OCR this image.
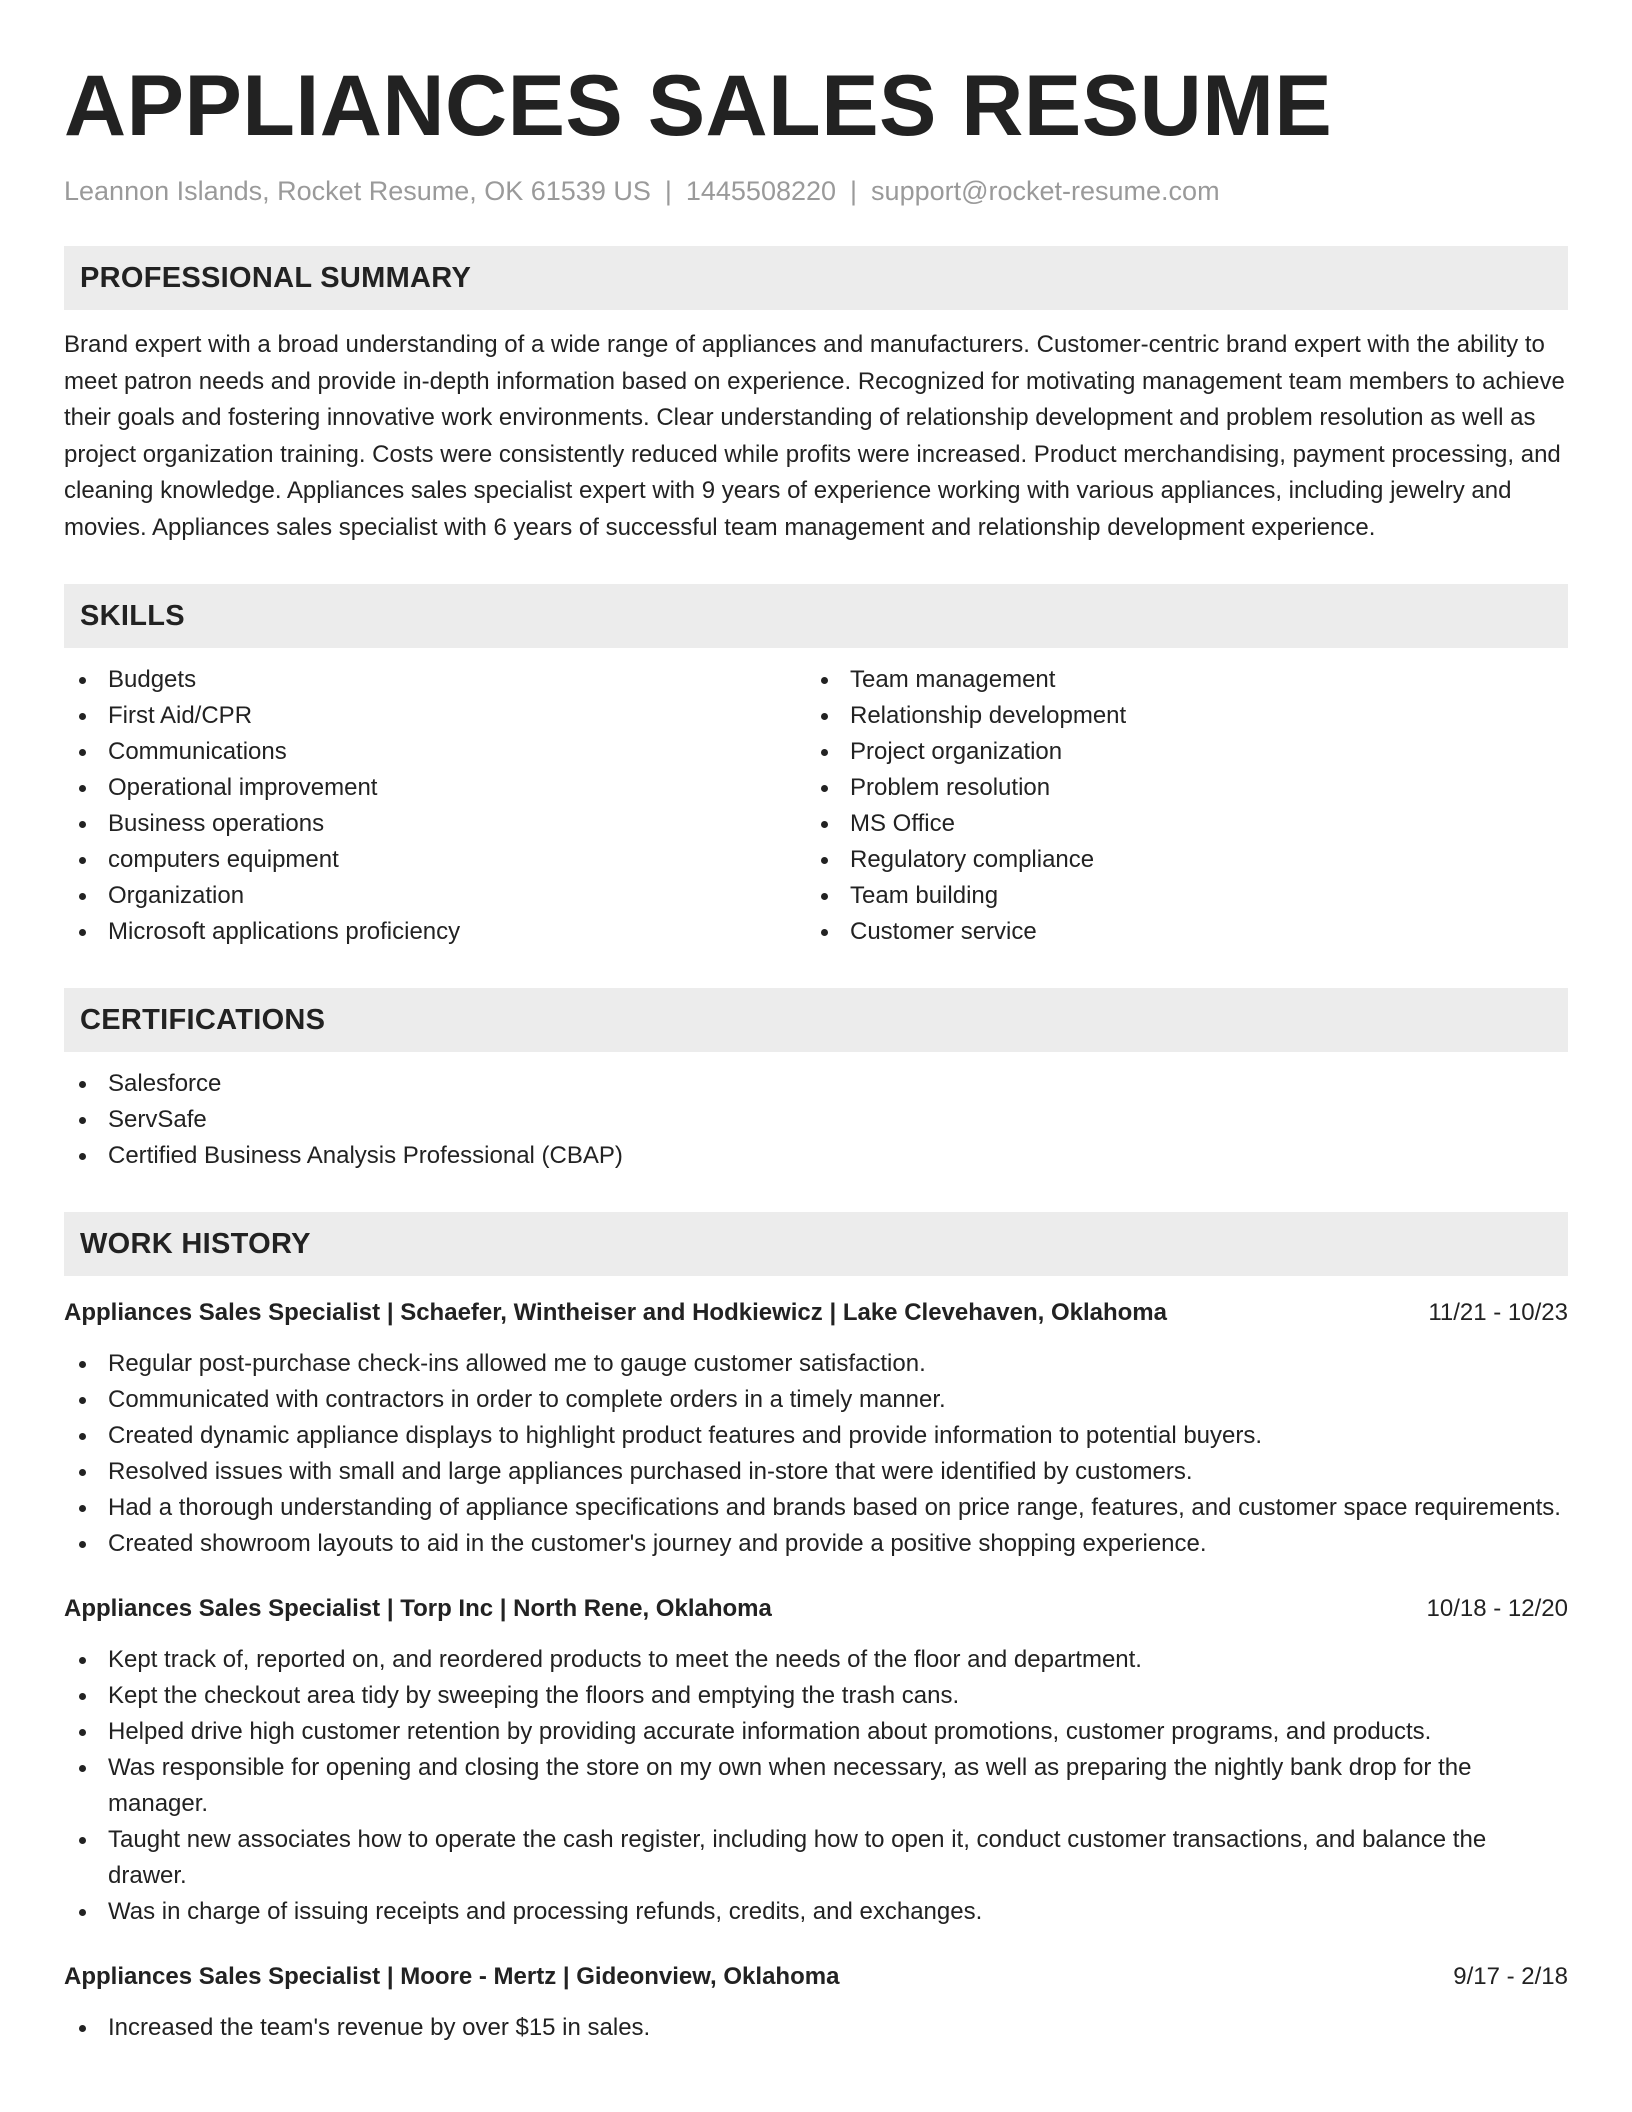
APPLIANCES SALES RESUME
Leannon Islands, Rocket Resume, OK 61539 US | 1445508220 | support@rocket-resume.com
PROFESSIONAL SUMMARY

Brand expert with a broad understanding of a wide range of appliances and manufacturers. Customer-centric brand expert with the ability to meet patron needs and provide in-depth information based on experience. Recognized for motivating management team members to achieve their goals and fostering innovative work environments. Clear understanding of relationship development and problem resolution as well as project organization training. Costs were consistently reduced while profits were increased. Product merchandising, payment processing, and cleaning knowledge. Appliances sales specialist expert with 9 years of experience working with various appliances, including jewelry and movies. Appliances sales specialist with 6 years of successful team management and relationship development experience.

SKILLS
Budgets
First Aid/CPR
Communications
Operational improvement
Business operations
computers equipment
Organization
Microsoft applications proficiency
Team management
Relationship development
Project organization
Problem resolution
MS Office
Regulatory compliance
Team building
Customer service
CERTIFICATIONS
Salesforce
ServSafe
Certified Business Analysis Professional (CBAP)
WORK HISTORY
Appliances Sales Specialist | Schaefer, Wintheiser and Hodkiewicz | Lake Clevehaven, Oklahoma	11/21 - 10/23
Regular post-purchase check-ins allowed me to gauge customer satisfaction.
Communicated with contractors in order to complete orders in a timely manner.
Created dynamic appliance displays to highlight product features and provide information to potential buyers.
Resolved issues with small and large appliances purchased in-store that were identified by customers.
Had a thorough understanding of appliance specifications and brands based on price range, features, and customer space requirements.
Created showroom layouts to aid in the customer's journey and provide a positive shopping experience.
Appliances Sales Specialist | Torp Inc | North Rene, Oklahoma	10/18 - 12/20
Kept track of, reported on, and reordered products to meet the needs of the floor and department.
Kept the checkout area tidy by sweeping the floors and emptying the trash cans.
Helped drive high customer retention by providing accurate information about promotions, customer programs, and products.
Was responsible for opening and closing the store on my own when necessary, as well as preparing the nightly bank drop for the manager.
Taught new associates how to operate the cash register, including how to open it, conduct customer transactions, and balance the drawer.
Was in charge of issuing receipts and processing refunds, credits, and exchanges.
Appliances Sales Specialist | Moore - Mertz | Gideonview, Oklahoma	9/17 - 2/18
Increased the team's revenue by over $15 in sales.
